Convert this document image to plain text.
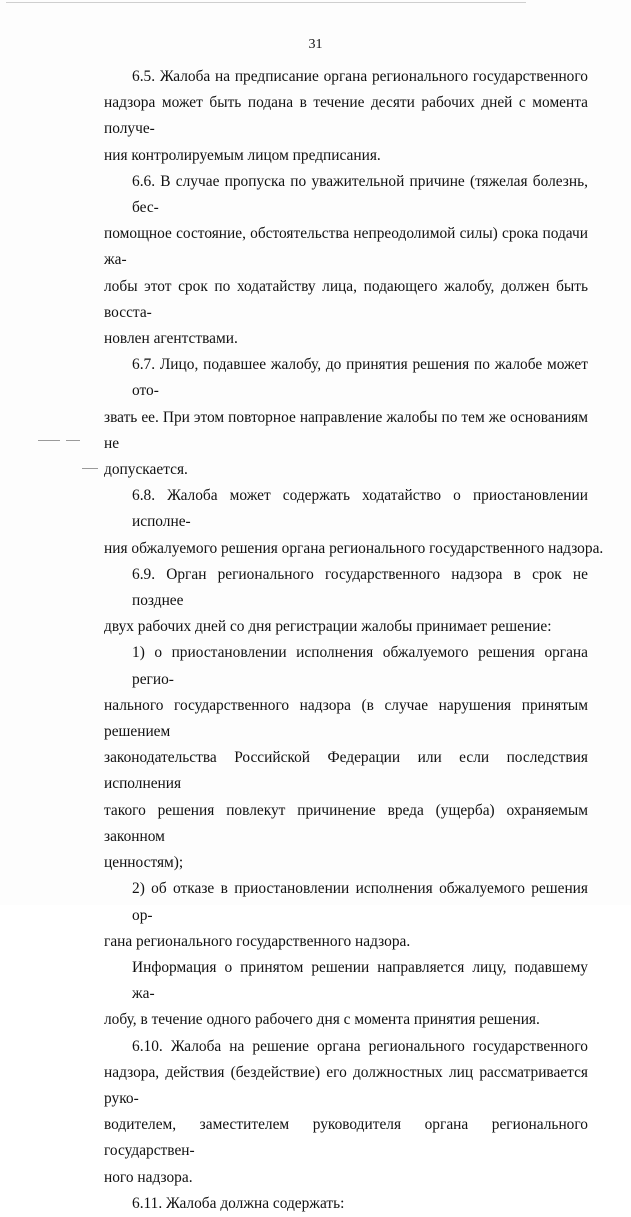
31
6.5. Жалоба на предписание органа регионального государственного
надзора может быть подана в течение десяти рабочих дней с момента получе-
ния контролируемым лицом предписания.
6.6. В случае пропуска по уважительной причине (тяжелая болезнь, бес-
помощное состояние, обстоятельства непреодолимой силы) срока подачи жа-
лобы этот срок по ходатайству лица, подающего жалобу, должен быть восста-
новлен агентствами.
6.7. Лицо, подавшее жалобу, до принятия решения по жалобе может ото-
звать ее. При этом повторное направление жалобы по тем же основаниям не
допускается.
6.8. Жалоба может содержать ходатайство о приостановлении исполне-
ния обжалуемого решения органа регионального государственного надзора.
6.9. Орган регионального государственного надзора в срок не позднее
двух рабочих дней со дня регистрации жалобы принимает решение:
1) о приостановлении исполнения обжалуемого решения органа регио-
нального государственного надзора (в случае нарушения принятым решением
законодательства Российской Федерации или если последствия исполнения
такого решения повлекут причинение вреда (ущерба) охраняемым законном
ценностям);
2) об отказе в приостановлении исполнения обжалуемого решения ор-
гана регионального государственного надзора.
Информация о принятом решении направляется лицу, подавшему жа-
лобу, в течение одного рабочего дня с момента принятия решения.
6.10. Жалоба на решение органа регионального государственного
надзора, действия (бездействие) его должностных лиц рассматривается руко-
водителем, заместителем руководителя органа регионального государствен-
ного надзора.
6.11. Жалоба должна содержать:
